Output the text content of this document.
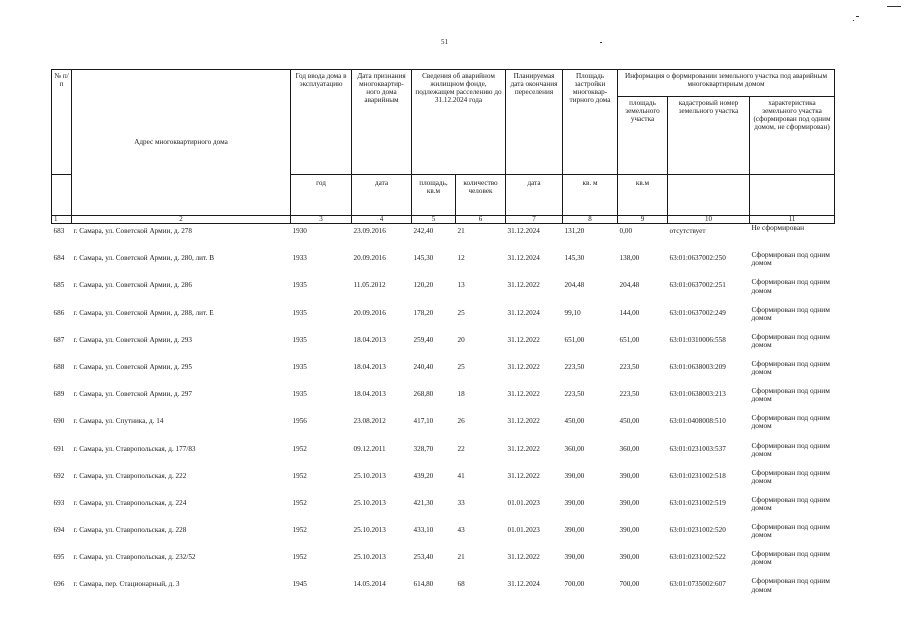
51
№ п/п	Адрес многоквартирного дома	Год ввода дома в эксплуатацию	Дата признания многоквартир-ного дома аварийным	Сведения об аварийном жилищном фонде, подлежащем расселению до 31.12.2024 года		Планируемая дата окончания переселения	Площадь застройки многоквар-тирного дома	Информация о формировании земельного участка под аварийным многоквартирным домом		
								площадь земельного участка	кадастровый номер земельного участка	характеристика земельного участка (сформирован под одним домом, не сформирован)
		год	дата	площадь, кв.м	количество человек	дата	кв. м	кв.м		
1	2	3	4	5	6	7	8	9	10	11
683	г. Самара, ул. Советской Армии, д. 278	1930	23.09.2016	242,40	21	31.12.2024	131,20	0,00	отсутствует	Не сформирован
684	г. Самара, ул. Советской Армии, д. 280, лит. В	1933	20.09.2016	145,30	12	31.12.2024	145,30	138,00	63:01:0637002:250	Сформирован под одним домом
685	г. Самара, ул. Советской Армии, д. 286	1935	11.05.2012	120,20	13	31.12.2022	204,48	204,48	63:01:0637002:251	Сформирован под одним домом
686	г. Самара, ул. Советской Армии, д. 288, лит. Е	1935	20.09.2016	178,20	25	31.12.2024	99,10	144,00	63:01:0637002:249	Сформирован под одним домом
687	г. Самара, ул. Советской Армии, д. 293	1935	18.04.2013	259,40	20	31.12.2022	651,00	651,00	63:01:0310006:558	Сформирован под одним домом
688	г. Самара, ул. Советской Армии, д. 295	1935	18.04.2013	240,40	25	31.12.2022	223,50	223,50	63:01:0638003:209	Сформирован под одним домом
689	г. Самара, ул. Советской Армии, д. 297	1935	18.04.2013	268,80	18	31.12.2022	223,50	223,50	63:01:0638003:213	Сформирован под одним домом
690	г. Самара, ул. Спутника, д. 14	1956	23.08.2012	417,10	26	31.12.2022	450,00	450,00	63:01:0408008:510	Сформирован под одним домом
691	г. Самара, ул. Ставропольская, д. 177/83	1952	09.12.2011	328,70	22	31.12.2022	360,00	360,00	63:01:0231003:537	Сформирован под одним домом
692	г. Самара, ул. Ставропольская, д. 222	1952	25.10.2013	439,20	41	31.12.2022	390,00	390,00	63:01:0231002:518	Сформирован под одним домом
693	г. Самара, ул. Ставропольская, д. 224	1952	25.10.2013	421,30	33	01.01.2023	390,00	390,00	63:01:0231002:519	Сформирован под одним домом
694	г. Самара, ул. Ставропольская, д. 228	1952	25.10.2013	433,10	43	01.01.2023	390,00	390,00	63:01:0231002:520	Сформирован под одним домом
695	г. Самара, ул. Ставропольская, д. 232/52	1952	25.10.2013	253,40	21	31.12.2022	390,00	390,00	63:01:0231002:522	Сформирован под одним домом
696	г. Самара, пер. Стационарный, д. 3	1945	14.05.2014	614,80	68	31.12.2024	700,00	700,00	63:01:0735002:607	Сформирован под одним домом
